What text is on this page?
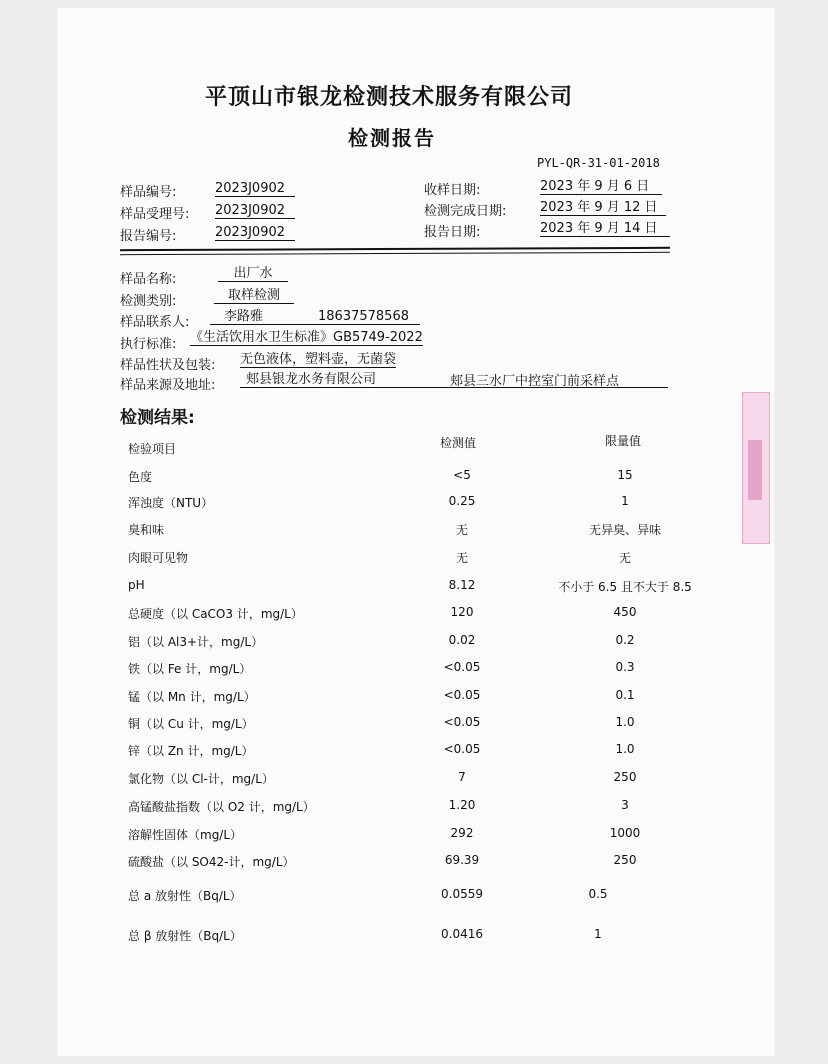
平顶山市银龙检测技术服务有限公司
检测报告
PYL-QR-31-01-2018
样品编号:	2023J0902
样品受理号: 2023J0902
报告编号:	2023J0902
收样日期:	2023 年 9 月 6 日
检测完成日期:	2023 年 9 月 12 日
报告日期:	2023 年 9 月 14 日
样品名称:	出厂水
检测类别:	取样检测
样品联系人:	李路雅	18637578568
执行标准: 《生活饮用水卫生标准》GB5749-2022
样品性状及包装: 无色液体，塑料壶，无菌袋
样品来源及地址:	郏县银龙水务有限公司	郏县三水厂中控室门前采样点
检测结果:
检验项目	检测值	限量值
色度	<5	15
浑浊度（NTU）	0.25	1
臭和味	无	无异臭、异味
肉眼可见物	无	无
pH	8.12	不小于 6.5 且不大于 8.5
总硬度（以 CaCO3 计，mg/L）	120	450
铝（以 Al3+计，mg/L）	0.02	0.2
铁（以 Fe 计，mg/L）	<0.05	0.3
锰（以 Mn 计，mg/L）	<0.05	0.1
铜（以 Cu 计，mg/L）	<0.05	1.0
锌（以 Zn 计，mg/L）	<0.05	1.0
氯化物（以 Cl-计，mg/L）	7	250
高锰酸盐指数（以 O2 计，mg/L）	1.20	3
溶解性固体（mg/L）	292	1000
硫酸盐（以 SO42-计，mg/L）	69.39	250
总 a 放射性（Bq/L）	0.0559	0.5
总 β 放射性（Bq/L）	0.0416	1
